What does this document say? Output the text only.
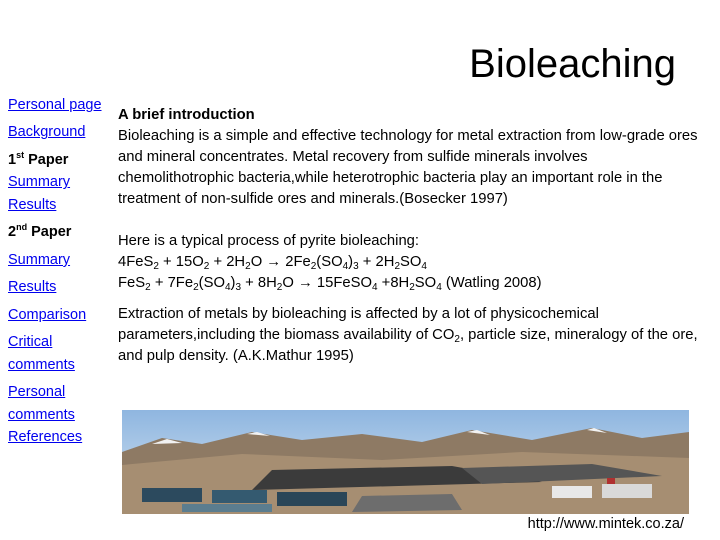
Bioleaching
Personal page
Background
1st Paper
Summary
Results
2nd Paper
Summary
Results
Comparison
Critical comments
Personal comments
References

A brief introduction

Bioleaching is a simple and effective technology for metal extraction from low-grade ores and mineral concentrates. Metal recovery from sulfide minerals involves chemolithotrophic bacteria,while heterotrophic bacteria play an important role in the treatment of non-sulfide ores and minerals.(Bosecker 1997)

Here is a typical process of pyrite bioleaching:

$4FeS_2 + 15O_2 + 2H_2O \to 2Fe_2(SO_4)_3 + 2H_2SO_4$

$FeS_2 + 7Fe_2(SO_4)_3 + 8H_2O$ → 15FeSO$_4$ $+8H_2SO_4$ (Watling 2008)

Extraction of metals by bioleaching is affected by a lot of physicochemical parameters,including the biomass availability of $CO_2$, particle size, mineralogy of the ore, and pulp density. (A.K.Mathur 1995)

http://www.mintek.co.za/
